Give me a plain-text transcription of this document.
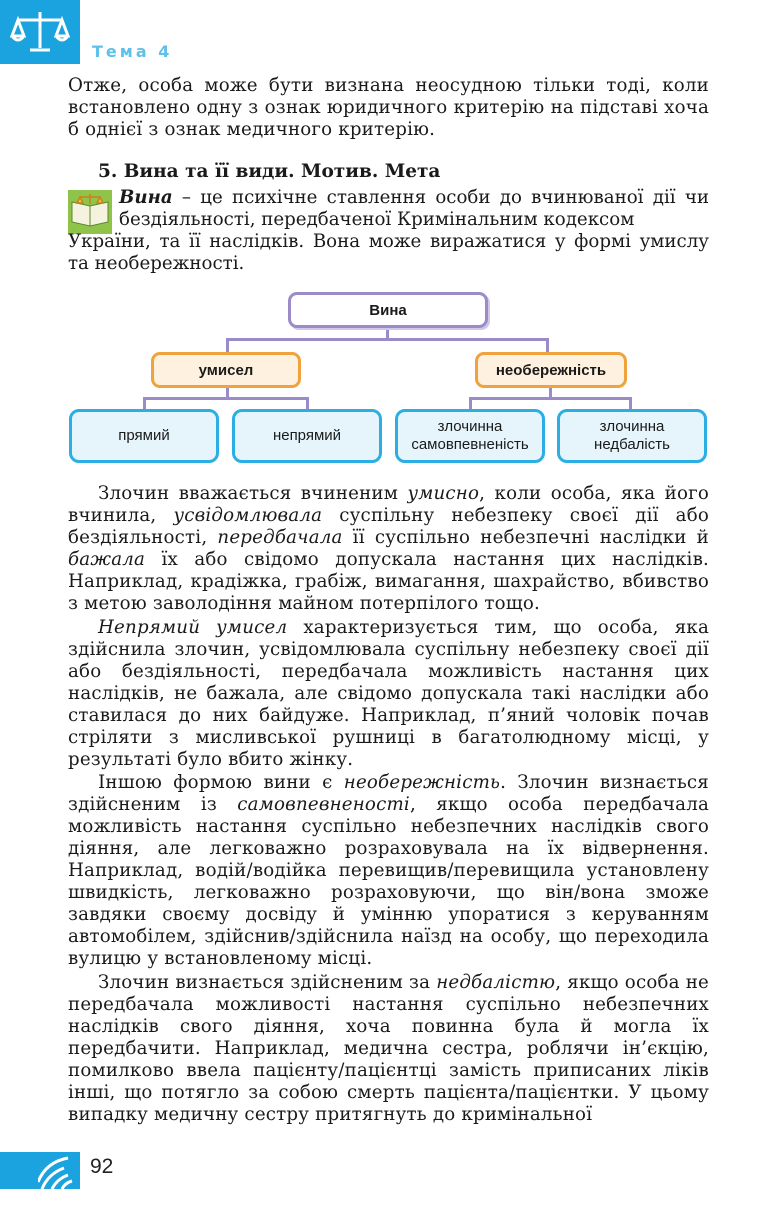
Тема 4
Отже, особа може бути визнана неосудною тільки тоді, коли встановлено одну з ознак юридичного критерію на підставі хоча б однієї з ознак медичного критерію.
5. Вина та її види. Мотив. Мета
Вина – це психічне ставлення особи до вчинюваної дії чи бездіяльності, передбаченої Кримінальним кодексом
України, та її наслідків. Вона може виражатися у формі умислу та необережності.
Вина
умисел	необережність
прямий	непрямий
злочинна самовпевненість
злочинна недбалість
Злочин вважається вчиненим умисно, коли особа, яка його вчинила, усвідомлювала суспільну небезпеку своєї дії або бездіяльності, передбачала її суспільно небезпечні наслідки й бажала їх або свідомо допускала настання цих наслідків. Наприклад, крадіжка, грабіж, вимагання, шахрайство, вбивство з метою заволодіння майном потерпілого тощо.
Непрямий умисел характеризується тим, що особа, яка здійснила злочин, усвідомлювала суспільну небезпеку своєї дії або бездіяльності, передбачала можливість настання цих наслідків, не бажала, але свідомо допускала такі наслідки або ставилася до них байдуже. Наприклад, п’яний чоловік почав стріляти з мисливської рушниці в багатолюдному місці, у результаті було вбито жінку.
Іншою формою вини є необережність. Злочин визнається здійсненим із самовпевненості, якщо особа передбачала можливість настання суспільно небезпечних наслідків свого діяння, але легковажно розраховувала на їх відвернення. Наприклад, водій/водійка перевищив/перевищила установлену швидкість, легковажно розраховуючи, що він/вона зможе завдяки своєму досвіду й умінню упоратися з керуванням автомобілем, здійснив/здійснила наїзд на особу, що переходила вулицю у встановленому місці.
Злочин визнається здійсненим за недбалістю, якщо особа не передбачала можливості настання суспільно небезпечних наслідків свого діяння, хоча повинна була й могла їх передбачити. Наприклад, медична сестра, роблячи ін’єкцію, помилково ввела пацієнту/пацієнтці замість приписаних ліків інші, що потягло за собою смерть пацієнта/пацієнтки. У цьому випадку медичну сестру притягнуть до кримінальної
92
